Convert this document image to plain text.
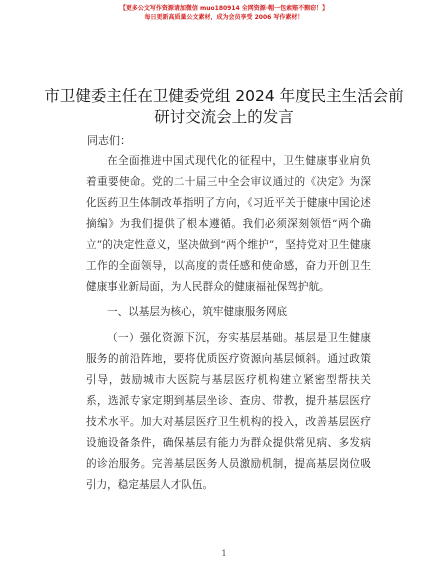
【更多公文写作资源请加微信 muo180914 全网资源·帽一包索赔不剽窃！】
每日更新高质量公文素材，成为会员享受 2006 写作素材！
市卫健委主任在卫健委党组 2024 年度民主生活会前研讨交流会上的发言
同志们：

在全面推进中国式现代化的征程中，卫生健康事业肩负着重要使命。党的二十届三中全会审议通过的《决定》为深化医药卫生体制改革指明了方向，《习近平关于健康中国论述摘编》为我们提供了根本遵循。我们必须深刻领悟“两个确立”的决定性意义，坚决做到“两个维护”，坚持党对卫生健康工作的全面领导，以高度的责任感和使命感，奋力开创卫生健康事业新局面，为人民群众的健康福祉保驾护航。

一、以基层为核心，筑牢健康服务网底

（一）强化资源下沉，夯实基层基础。基层是卫生健康服务的前沿阵地，要将优质医疗资源向基层倾斜。通过政策引导，鼓励城市大医院与基层医疗机构建立紧密型帮扶关系，选派专家定期到基层坐诊、查房、带教，提升基层医疗技术水平。加大对基层医疗卫生机构的投入，改善基层医疗设施设备条件，确保基层有能力为群众提供常见病、多发病的诊治服务。完善基层医务人员激励机制，提高基层岗位吸引力，稳定基层人才队伍。

1
